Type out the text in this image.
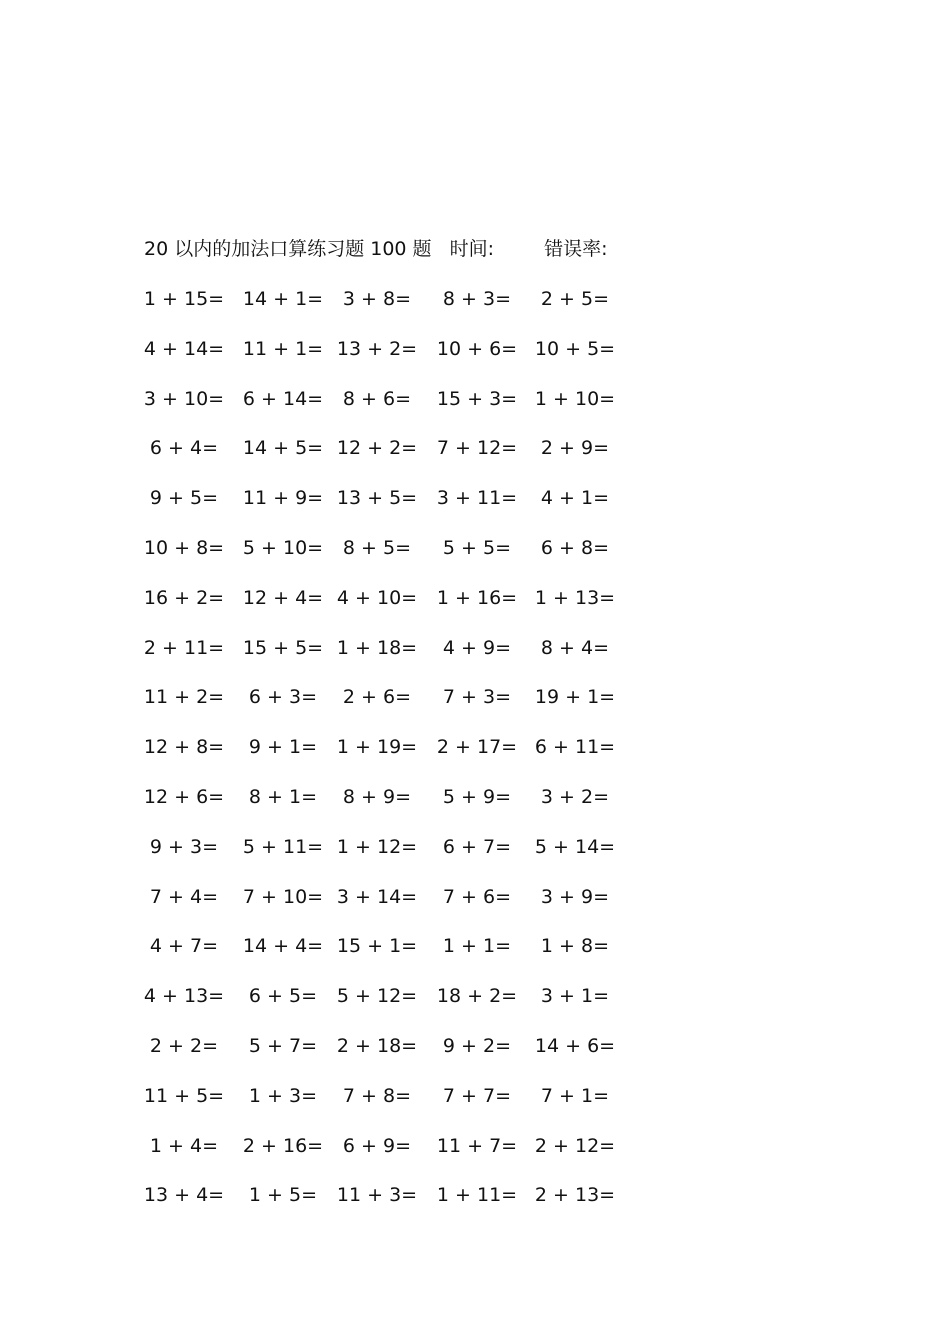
20 以内的加法口算练习题 100 题 时间:	错误率:
1 + 15= 14 + 1= 3 + 8= 8 + 3= 2 + 5=
4 + 14= 11 + 1= 13 + 2= 10 + 6= 10 + 5=
3 + 10= 6 + 14= 8 + 6= 15 + 3= 1 + 10=
6 + 4= 14 + 5= 12 + 2= 7 + 12= 2 + 9=
9 + 5= 11 + 9= 13 + 5= 3 + 11= 4 + 1=
10 + 8= 5 + 10= 8 + 5= 5 + 5= 6 + 8=
16 + 2= 12 + 4= 4 + 10= 1 + 16= 1 + 13=
2 + 11= 15 + 5= 1 + 18= 4 + 9= 8 + 4=
11 + 2= 6 + 3= 2 + 6= 7 + 3= 19 + 1=
12 + 8= 9 + 1= 1 + 19= 2 + 17= 6 + 11=
12 + 6= 8 + 1= 8 + 9= 5 + 9= 3 + 2=
9 + 3= 5 + 11= 1 + 12= 6 + 7= 5 + 14=
7 + 4= 7 + 10= 3 + 14= 7 + 6= 3 + 9=
4 + 7= 14 + 4= 15 + 1= 1 + 1= 1 + 8=
4 + 13= 6 + 5= 5 + 12= 18 + 2= 3 + 1=
2 + 2= 5 + 7= 2 + 18= 9 + 2= 14 + 6=
11 + 5= 1 + 3= 7 + 8= 7 + 7= 7 + 1=
1 + 4= 2 + 16= 6 + 9= 11 + 7= 2 + 12=
13 + 4= 1 + 5= 11 + 3= 1 + 11= 2 + 13=
